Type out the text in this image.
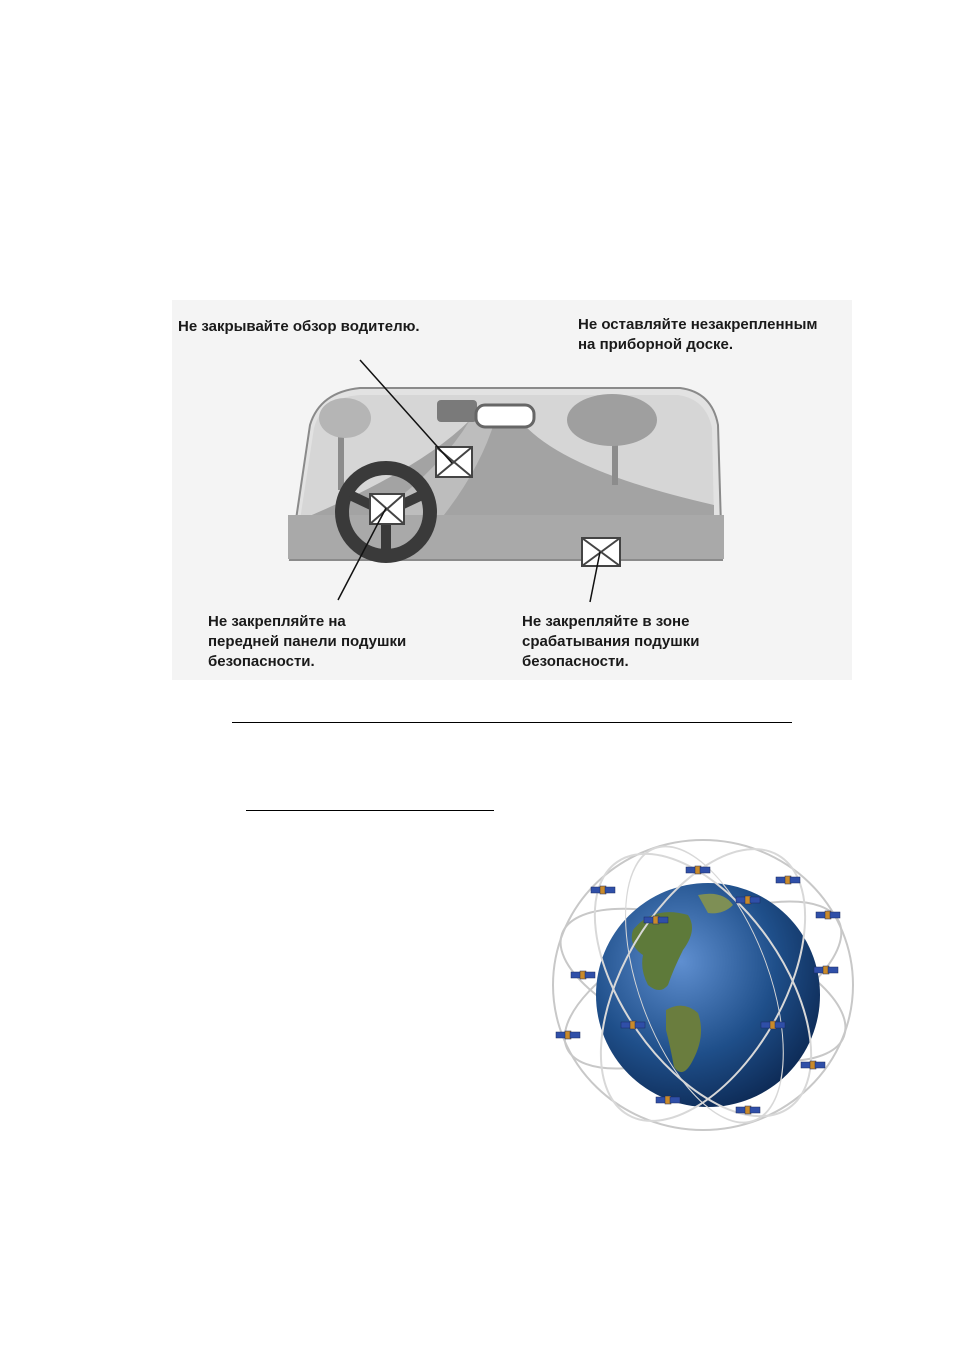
Не закрывайте обзор водителю.	Не оставляйте незакрепленным
на приборной доске.
Не закрепляйте на
передней панели подушки
безопасности.
Не закрепляйте в зоне
срабатывания подушки
безопасности.
